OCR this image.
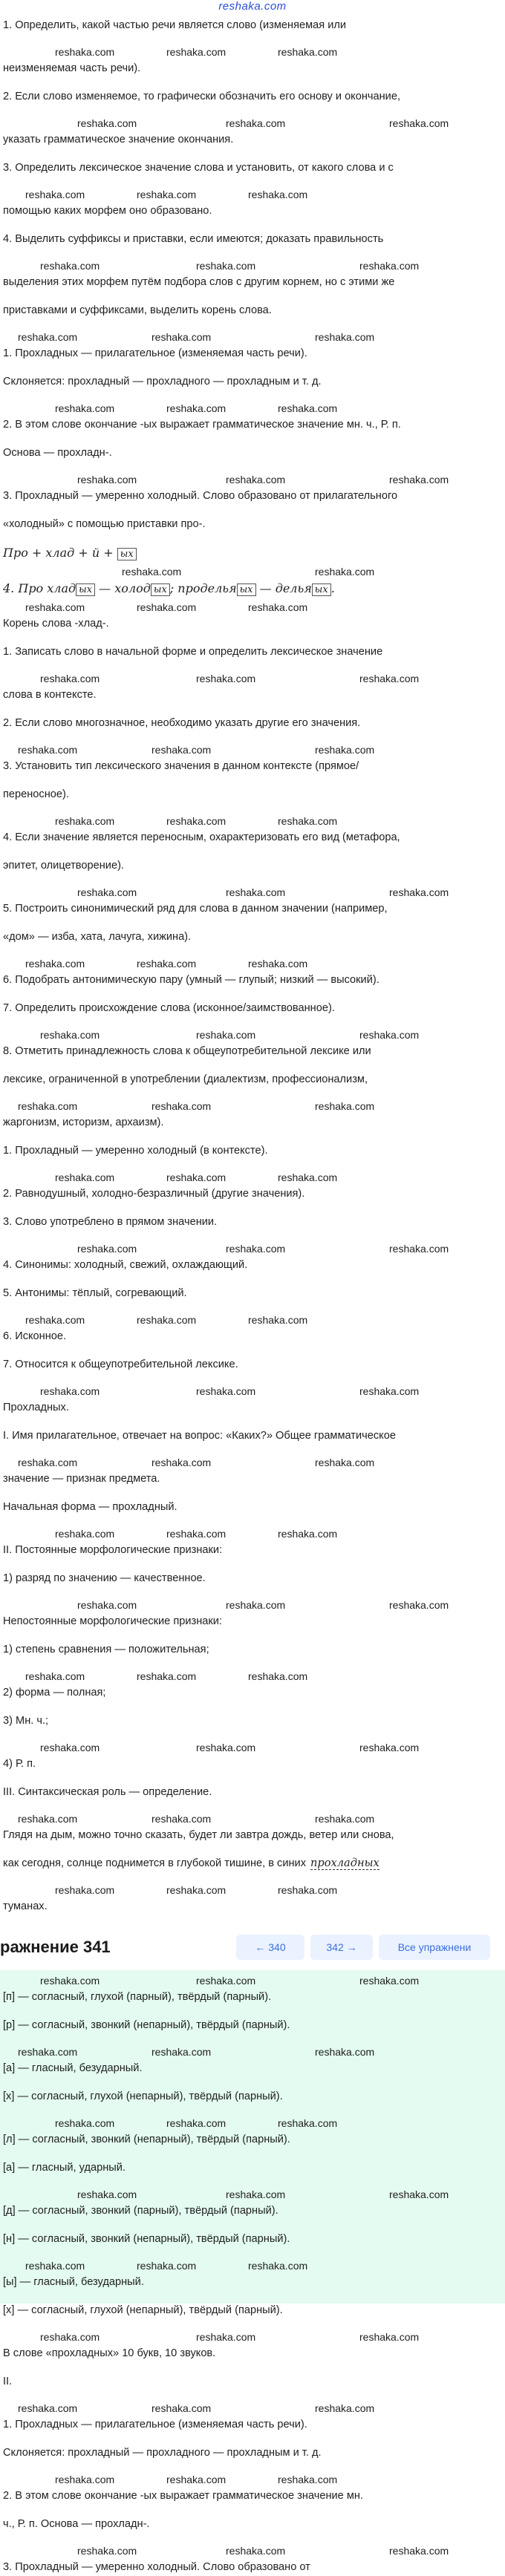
reshaka.com
1. Определить, какой частью речи является слово (изменяемая или
reshaka.com	reshaka.com	reshaka.com
неизменяемая часть речи).
2. Если слово изменяемое, то графически обозначить его основу и окончание,
reshaka.com	reshaka.com	reshaka.com
указать грамматическое значение окончания.
3. Определить лексическое значение слова и установить, от какого слова и с
reshaka.com	reshaka.com	reshaka.com
помощью каких морфем оно образовано.
4. Выделить суффиксы и приставки, если имеются; доказать правильность
reshaka.com	reshaka.com	reshaka.com
выделения этих морфем путём подбора слов с другим корнем, но с этими же
приставками и суффиксами, выделить корень слова.
reshaka.com	reshaka.com	reshaka.com
1. Прохладных — прилагательное (изменяемая часть речи).
Склоняется: прохладный — прохладного — прохладным и т. д.
reshaka.com	reshaka.com	reshaka.com
2. В этом слове окончание -ых выражает грамматическое значение мн. ч., Р. п.
Основа — прохладн-.
reshaka.com	reshaka.com	reshaka.com
3. Прохладный — умеренно холодный. Слово образовано от прилагательного
«холодный» с помощью приставки про-.
Про + хлад + й + ых
reshaka.com	reshaka.com
4. Про хлад ых — холод ых ; проделья ых — делья ых .
reshaka.com	reshaka.com	reshaka.com
Корень слова -хлад-.
1. Записать слово в начальной форме и определить лексическое значение
reshaka.com	reshaka.com	reshaka.com
слова в контексте.
2. Если слово многозначное, необходимо указать другие его значения.
reshaka.com	reshaka.com	reshaka.com
3. Установить тип лексического значения в данном контексте (прямое/
переносное).
reshaka.com	reshaka.com	reshaka.com
4. Если значение является переносным, охарактеризовать его вид (метафора,
эпитет, олицетворение).
reshaka.com	reshaka.com	reshaka.com
5. Построить синонимический ряд для слова в данном значении (например,
«дом» — изба, хата, лачуга, хижина).
reshaka.com	reshaka.com	reshaka.com
6. Подобрать антонимическую пару (умный — глупый; низкий — высокий).
7. Определить происхождение слова (исконное/заимствованное).
reshaka.com	reshaka.com	reshaka.com
8. Отметить принадлежность слова к общеупотребительной лексике или
лексике, ограниченной в употреблении (диалектизм, профессионализм,
reshaka.com	reshaka.com	reshaka.com
жаргонизм, историзм, архаизм).
1. Прохладный — умеренно холодный (в контексте).
reshaka.com	reshaka.com	reshaka.com
2. Равнодушный, холодно-безразличный (другие значения).
3. Слово употреблено в прямом значении.
reshaka.com	reshaka.com	reshaka.com
4. Синонимы: холодный, свежий, охлаждающий.
5. Антонимы: тёплый, согревающий.
reshaka.com	reshaka.com	reshaka.com
6. Исконное.
7. Относится к общеупотребительной лексике.
reshaka.com	reshaka.com	reshaka.com
Прохладных.
I. Имя прилагательное, отвечает на вопрос: «Каких?» Общее грамматическое
reshaka.com	reshaka.com	reshaka.com
значение — признак предмета.
Начальная форма — прохладный.
reshaka.com	reshaka.com	reshaka.com
II. Постоянные морфологические признаки:
1) разряд по значению — качественное.
reshaka.com	reshaka.com	reshaka.com
Непостоянные морфологические признаки:
1) степень сравнения — положительная;
reshaka.com	reshaka.com	reshaka.com
2) форма — полная;
3) Мн. ч.;
reshaka.com	reshaka.com	reshaka.com
4) Р. п.
III. Синтаксическая роль — определение.
reshaka.com	reshaka.com	reshaka.com
Глядя на дым, можно точно сказать, будет ли завтра дождь, ветер или снова,
как сегодня, солнце поднимется в глубокой тишине, в синих прохладных
reshaka.com	reshaka.com	reshaka.com
туманах.
ражнение 341	← 340	342 →	Все упражнени
reshaka.com	reshaka.com	reshaka.com
[п] — согласный, глухой (парный), твёрдый (парный).
[р] — согласный, звонкий (непарный), твёрдый (парный).
reshaka.com	reshaka.com	reshaka.com
[а] — гласный, безударный.
[х] — согласный, глухой (непарный), твёрдый (парный).
reshaka.com	reshaka.com	reshaka.com
[л] — согласный, звонкий (непарный), твёрдый (парный).
[а] — гласный, ударный.
reshaka.com	reshaka.com	reshaka.com
[д] — согласный, звонкий (парный), твёрдый (парный).
[н] — согласный, звонкий (непарный), твёрдый (парный).
reshaka.com	reshaka.com	reshaka.com
[ы] — гласный, безударный.
[х] — согласный, глухой (непарный), твёрдый (парный).
reshaka.com	reshaka.com	reshaka.com
В слове «прохладных» 10 букв, 10 звуков.
II.
reshaka.com	reshaka.com	reshaka.com
1. Прохладных — прилагательное (изменяемая часть речи).
Склоняется: прохладный — прохладного — прохладным и т. д.
reshaka.com	reshaka.com	reshaka.com
2. В этом слове окончание -ых выражает грамматическое значение мн.
ч., Р. п. Основа — прохладн-.
reshaka.com	reshaka.com	reshaka.com
3. Прохладный — умеренно холодный. Слово образовано от
